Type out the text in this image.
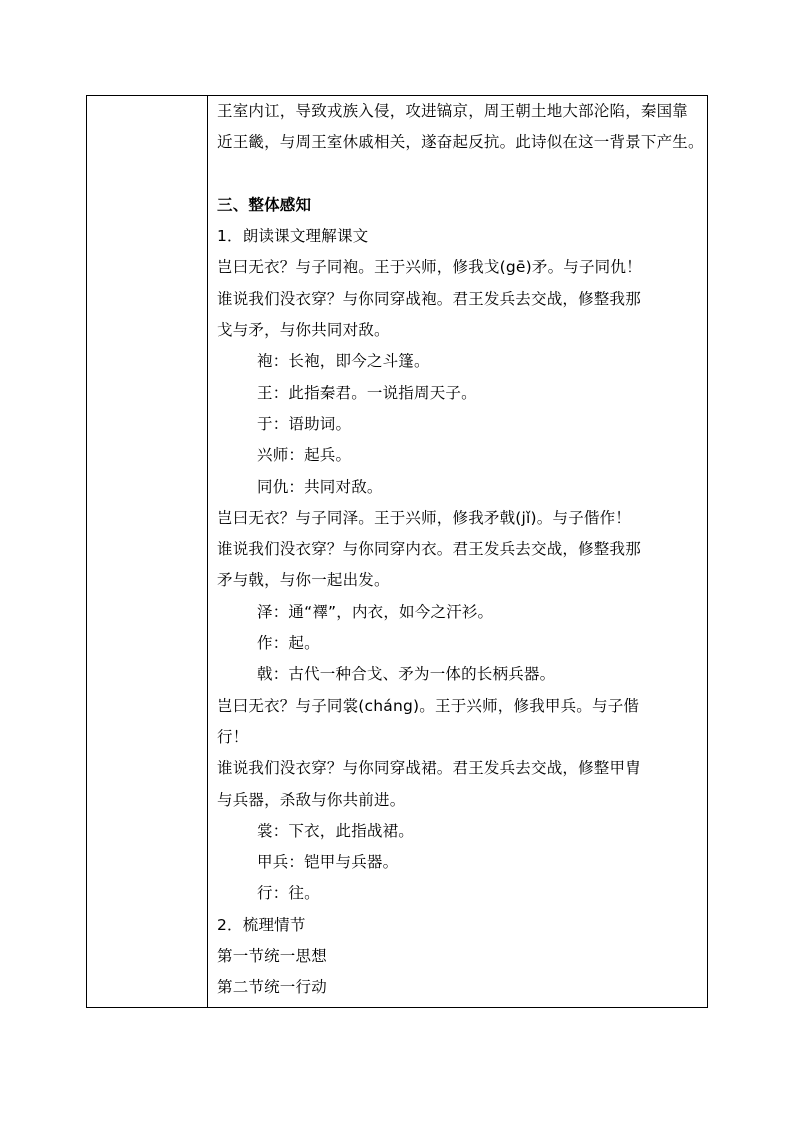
王室内讧，导致戎族入侵，攻进镐京，周王朝土地大部沦陷，秦国靠
近王畿，与周王室休戚相关，遂奋起反抗。此诗似在这一背景下产生。
三、整体感知
1．朗读课文理解课文
岂曰无衣？与子同袍。王于兴师，修我戈(gē)矛。与子同仇！
谁说我们没衣穿？与你同穿战袍。君王发兵去交战，修整我那
戈与矛，与你共同对敌。
袍：长袍，即今之斗篷。
王：此指秦君。一说指周天子。
于：语助词。
兴师：起兵。
同仇：共同对敌。
岂曰无衣？与子同泽。王于兴师，修我矛戟(jǐ)。与子偕作！
谁说我们没衣穿？与你同穿内衣。君王发兵去交战，修整我那
矛与戟，与你一起出发。
泽：通“襗”，内衣，如今之汗衫。
作：起。
戟：古代一种合戈、矛为一体的长柄兵器。
岂曰无衣？与子同裳(cháng)。王于兴师，修我甲兵。与子偕
行！
谁说我们没衣穿？与你同穿战裙。君王发兵去交战，修整甲胄
与兵器，杀敌与你共前进。
裳：下衣，此指战裙。
甲兵：铠甲与兵器。
行：往。
2．梳理情节
第一节统一思想
第二节统一行动
